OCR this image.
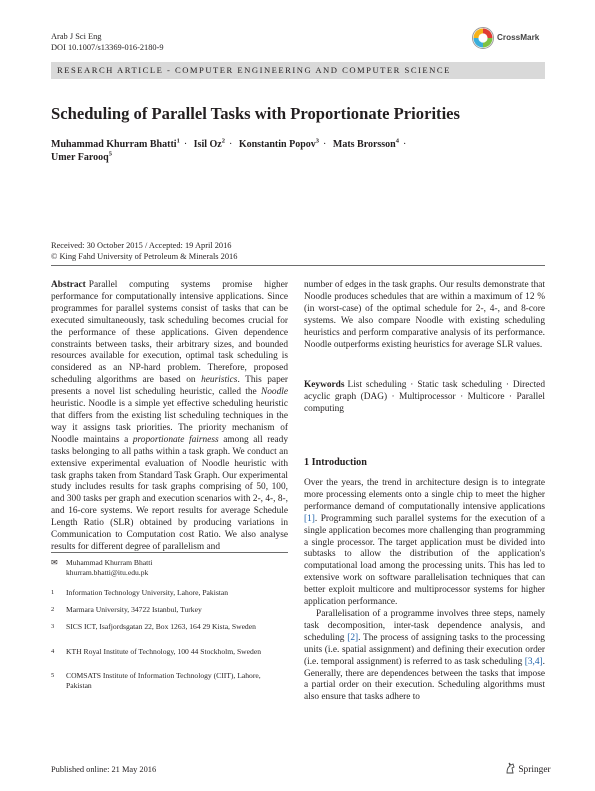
Arab J Sci Eng
DOI 10.1007/s13369-016-2180-9
CrossMark
RESEARCH ARTICLE - COMPUTER ENGINEERING AND COMPUTER SCIENCE
Scheduling of Parallel Tasks with Proportionate Priorities
Muhammad Khurram Bhatti$^1$ · Isil $Oz^2$ · Konstantin Popov$^3$ · Mats Brorsson$^4$ ·
Umer Farooq$^5$
Received: 30 October 2015 / Accepted: 19 April 2016
© King Fahd University of Petroleum & Minerals 2016

Abstract Parallel computing systems promise higher performance for computationally intensive applications. Since programmes for parallel systems consist of tasks that can be executed simultaneously, task scheduling becomes crucial for the performance of these applications. Given dependence constraints between tasks, their arbitrary sizes, and bounded resources available for execution, optimal task scheduling is considered as an NP-hard problem. Therefore, proposed scheduling algorithms are based on heuristics. This paper presents a novel list scheduling heuristic, called the Noodle heuristic. Noodle is a simple yet effective scheduling heuristic that differs from the existing list scheduling techniques in the way it assigns task priorities. The priority mechanism of Noodle maintains a proportionate fairness among all ready tasks belonging to all paths within a task graph. We conduct an extensive experimental evaluation of Noodle heuristic with task graphs taken from Standard Task Graph. Our experimental study includes results for task graphs comprising of 50, 100, and 300 tasks per graph and execution scenarios with 2-, 4-, 8-, and 16-core systems. We report results for average Schedule Length Ratio (SLR) obtained by producing variations in Communication to Computation cost Ratio. We also analyse results for different degree of parallelism and

✉	Muhammad Khurram Bhatti
khurram.bhatti@itu.edu.pk
1	Information Technology University, Lahore, Pakistan
2	Marmara University, 34722 Istanbul, Turkey
3	SICS ICT, Isafjordsgatan 22, Box 1263, 164 29 Kista, Sweden
4	KTH Royal Institute of Technology, 100 44 Stockholm, Sweden
5	COMSATS Institute of Information Technology (CIIT), Lahore, Pakistan

number of edges in the task graphs. Our results demonstrate that Noodle produces schedules that are within a maximum of 12 % (in worst-case) of the optimal schedule for 2-, 4-, and 8-core systems. We also compare Noodle with existing scheduling heuristics and perform comparative analysis of its performance. Noodle outperforms existing heuristics for average SLR values.

Keywords List scheduling · Static task scheduling · Directed acyclic graph (DAG) · Multiprocessor · Multicore · Parallel computing

1 Introduction

Over the years, the trend in architecture design is to integrate more processing elements onto a single chip to meet the higher performance demand of computationally intensive applications [1]. Programming such parallel systems for the execution of a single application becomes more challenging than programming a single processor. The target application must be divided into subtasks to allow the distribution of the application's computational load among the processing units. This has led to extensive work on software parallelisation techniques that can better exploit multicore and multiprocessor systems for higher application performance.

Parallelisation of a programme involves three steps, namely task decomposition, inter-task dependence analysis, and scheduling [2]. The process of assigning tasks to the processing units (i.e. spatial assignment) and defining their execution order (i.e. temporal assignment) is referred to as task scheduling [3,4]. Generally, there are dependences between the tasks that impose a partial order on their execution. Scheduling algorithms must also ensure that tasks adhere to

Published online: 21 May 2016	Springer
